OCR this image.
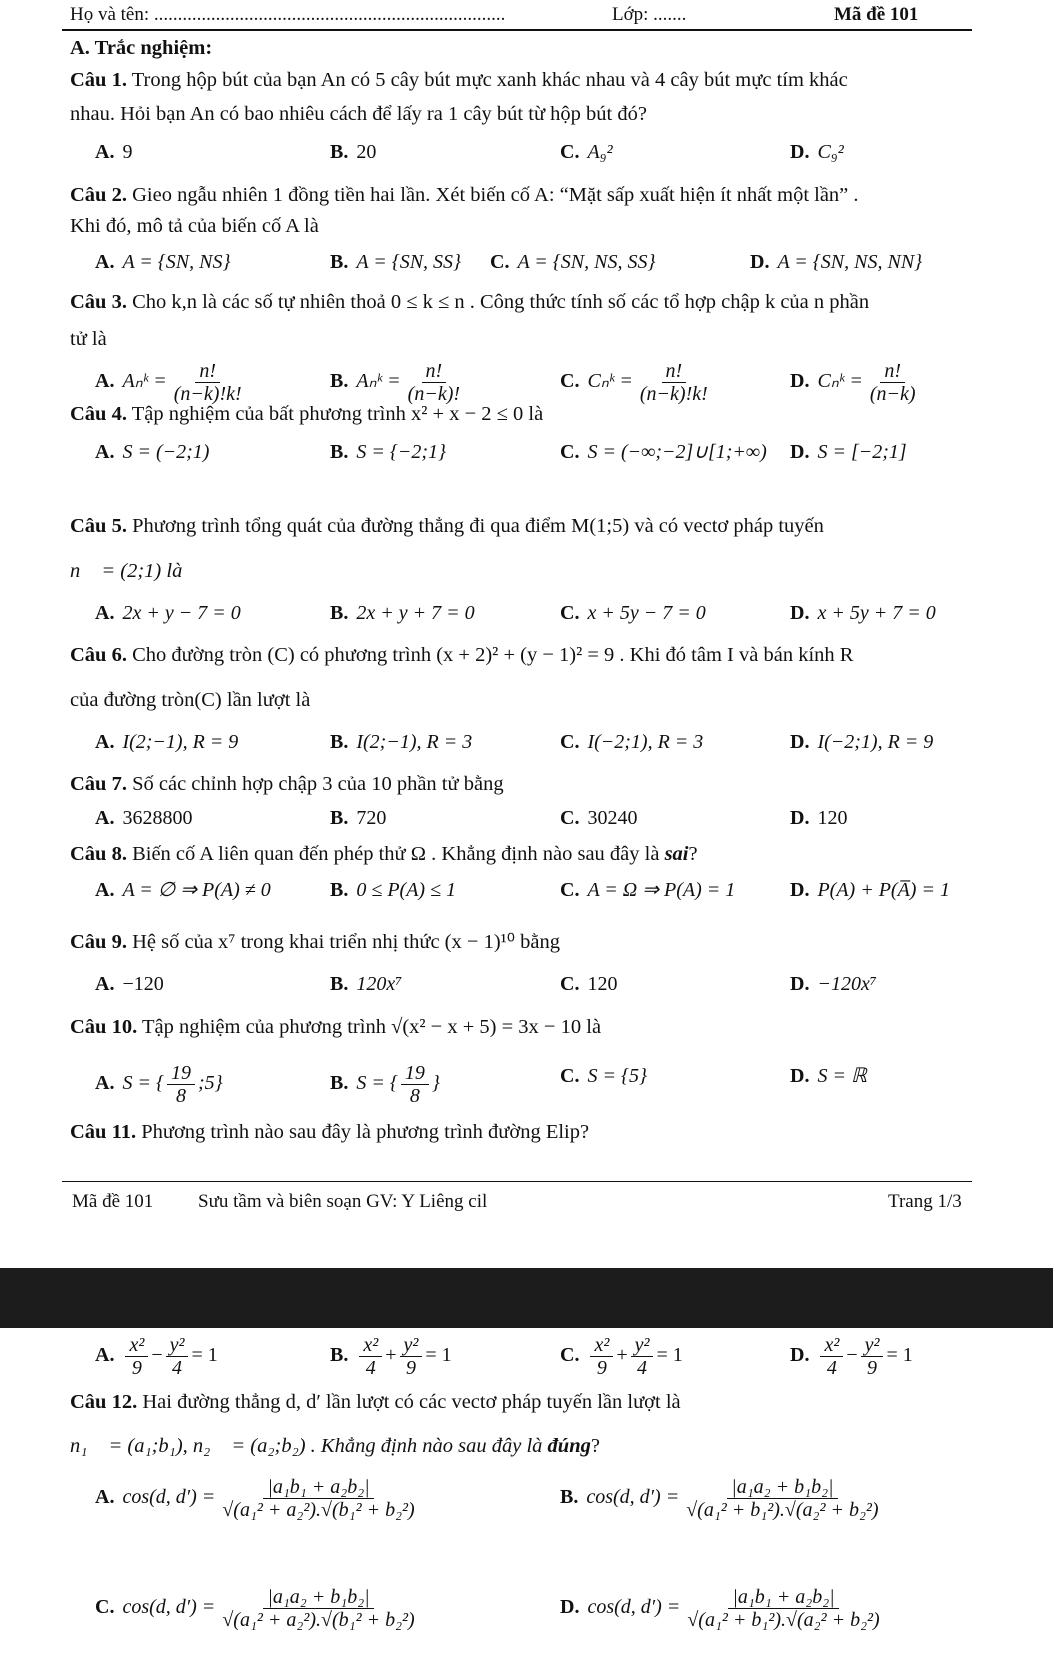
Họ và tên: ..........................................................................	Lớp: .......	Mã đề 101
A. Trắc nghiệm:
Câu 1. Trong hộp bút của bạn An có 5 cây bút mực xanh khác nhau và 4 cây bút mực tím khác
nhau. Hỏi bạn An có bao nhiêu cách để lấy ra 1 cây bút từ hộp bút đó?
A. 9	B. 20	C. A₉²	D. C₉²
Câu 2. Gieo ngẫu nhiên 1 đồng tiền hai lần. Xét biến cố A: “Mặt sấp xuất hiện ít nhất một lần” .
Khi đó, mô tả của biến cố A là
A. A = {SN, NS}	B. A = {SN, SS} C. A = {SN, NS, SS}	D. A = {SN, NS, NN}
Câu 3. Cho k,n là các số tự nhiên thoả 0 ≤ k ≤ n . Công thức tính số các tổ hợp chập k của n phần
tử là
A. Aₙᵏ = $\frac{n!}{(n-k)!k!}$	B. Aₙᵏ = $\frac{n!}{(n-k)!}$	C. Cₙᵏ = $\frac{n!}{(n-k)!k!}$	D. Cₙᵏ = $\frac{n!}{(n-k)}$
Câu 4. Tập nghiệm của bất phương trình x² + x − 2 ≤ 0 là
A. S = (−2;1)	B. S = {−2;1}	C. S = (−∞;−2]∪[1;+∞) D. S = [−2;1]
Câu 5. Phương trình tổng quát của đường thẳng đi qua điểm M(1;5) và có vectơ pháp tuyến
n⃗ = (2;1) là
A. 2x + y − 7 = 0	B. 2x + y + 7 = 0	C. x + 5y − 7 = 0	D. x + 5y + 7 = 0
Câu 6. Cho đường tròn (C) có phương trình (x + 2)² + (y − 1)² = 9 . Khi đó tâm I và bán kính R
của đường tròn(C) lần lượt là
A. I(2;−1), R = 9	B. I(2;−1), R = 3	C. I(−2;1), R = 3	D. I(−2;1), R = 9
Câu 7. Số các chỉnh hợp chập 3 của 10 phần tử bằng
A. 3628800	B. 720	C. 30240	D. 120
Câu 8. Biến cố A liên quan đến phép thử Ω . Khẳng định nào sau đây là sai?
A. A = ∅ ⇒ P(A) ≠ 0	B. 0 ≤ P(A) ≤ 1	C. A = Ω ⇒ P(A) = 1	D. P(A) + P(A̅) = 1
Câu 9. Hệ số của x⁷ trong khai triển nhị thức (x − 1)¹⁰ bằng
A. −120	B. 120x⁷	C. 120	D. −120x⁷
Câu 10. Tập nghiệm của phương trình √(x² − x + 5) = 3x − 10 là
A. S = { $\frac{19}{8}$ ;5}	B. S = { $\frac{19}{8}$ }	C. S = {5}	D. S = ℝ
Câu 11. Phương trình nào sau đây là phương trình đường Elip?
Mã đề 101 Sưu tầm và biên soạn GV: Y Liêng cil	Trang 1/3
A. $\frac{\text{x²}}{9} - \frac{\text{y²}}{4} = 1$	B. $\frac{\text{x²}}{4} + \frac{\text{y²}}{9} = 1$	C. $\frac{\text{x²}}{9} + \frac{\text{y²}}{4} = 1$	D. $\frac{\text{x²}}{4} - \frac{\text{y²}}{9} = 1$
Câu 12. Hai đường thẳng d, d′ lần lượt có các vectơ pháp tuyến lần lượt là
n₁⃗ = (a₁;b₁), n₂⃗ = (a₂;b₂) . Khẳng định nào sau đây là đúng?
A. cos(d, $d') = \frac{\text{|a₁b₁ + a₂b₂|}}{\text{√(a₁² + a₂²).√(b₁² + b₂²)}}$	B. cos(d, $d') = \frac{\text{|a₁a₂ + b₁b₂|}}{\text{√(a₁² + b₁²).√(a₂² + b₂²)}}$
C. cos(d, $d') = \frac{\text{|a₁a₂ + b₁b₂|}}{\text{√(a₁² + a₂²).√(b₁² + b₂²)}}$	D. cos(d, $d') = \frac{\text{|a₁b₁ + a₂b₂|}}{\text{√(a₁² + b₁²).√(a₂² + b₂²)}}$
